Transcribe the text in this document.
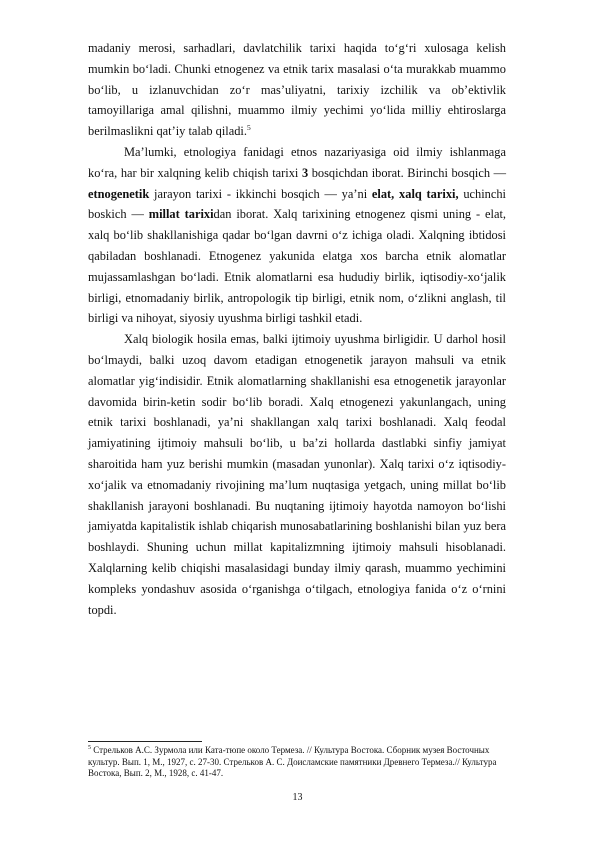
madaniy merosi, sarhadlari, davlatchilik tarixi haqida to‘g‘ri xulosaga kelish mumkin bo‘ladi. Chunki etnogenez va etnik tarix masalasi o‘ta murakkab muammo bo‘lib, u izlanuvchidan zo‘r mas’uliyatni, tarixiy izchilik va ob’ektivlik tamoyillariga amal qilishni, muammo ilmiy yechimi yo‘lida milliy ehtiroslarga berilmaslikni qat’iy talab qiladi.$^5$

Ma’lumki, etnologiya fanidagi etnos nazariyasiga oid ilmiy ishlanmaga ko‘ra, har bir xalqning kelib chiqish tarixi 3 bosqichdan iborat. Birinchi bosqich — etnogenetik jarayon tarixi - ikkinchi bosqich — ya’ni elat, xalq tarixi, uchinchi boskich — millat tarixidan iborat. Xalq tarixining etnogenez qismi uning - elat, xalq bo‘lib shakllanishiga qadar bo‘lgan davrni o‘z ichiga oladi. Xalqning ibtidosi qabiladan boshlanadi. Etnogenez yakunida elatga xos barcha etnik alomatlar mujassamlashgan bo‘ladi. Etnik alomatlarni esa hududiy birlik, iqtisodiy-xo‘jalik birligi, etnomadaniy birlik, antropologik tip birligi, etnik nom, o‘zlikni anglash, til birligi va nihoyat, siyosiy uyushma birligi tashkil etadi.

Xalq biologik hosila emas, balki ijtimoiy uyushma birligidir. U darhol hosil bo‘lmaydi, balki uzoq davom etadigan etnogenetik jarayon mahsuli va etnik alomatlar yig‘indisidir. Etnik alomatlarning shakllanishi esa etnogenetik jarayonlar davomida birin-ketin sodir bo‘lib boradi. Xalq etnogenezi yakunlangach, uning etnik tarixi boshlanadi, ya’ni shakllangan xalq tarixi boshlanadi. Xalq feodal jamiyatining ijtimoiy mahsuli bo‘lib, u ba’zi hollarda dastlabki sinfiy jamiyat sharoitida ham yuz berishi mumkin (masadan yunonlar). Xalq tarixi o‘z iqtisodiy-xo‘jalik va etnomadaniy rivojining ma’lum nuqtasiga yetgach, uning millat bo‘lib shakllanish jarayoni boshlanadi. Bu nuqtaning ijtimoiy hayotda namoyon bo‘lishi jamiyatda kapitalistik ishlab chiqarish munosabatlarining boshlanishi bilan yuz bera boshlaydi. Shuning uchun millat kapitalizmning ijtimoiy mahsuli hisoblanadi. Xalqlarning kelib chiqishi masalasidagi bunday ilmiy qarash, muammo yechimini kompleks yondashuv asosida o‘rganishga o‘tilgach, etnologiya fanida o‘z o‘rnini topdi.

$^5$ Стрельков А.С. Зурмола или Ката-тюпе около Термеза. // Культура Востока. Сборник музея Восточных культур. Вып. 1, М., 1927, с. 27-30. Стрельков А. С. Доисламские памятники Древнего Термеза.// Культура Востока, Вып. 2, М., 1928, с. 41-47.
13
